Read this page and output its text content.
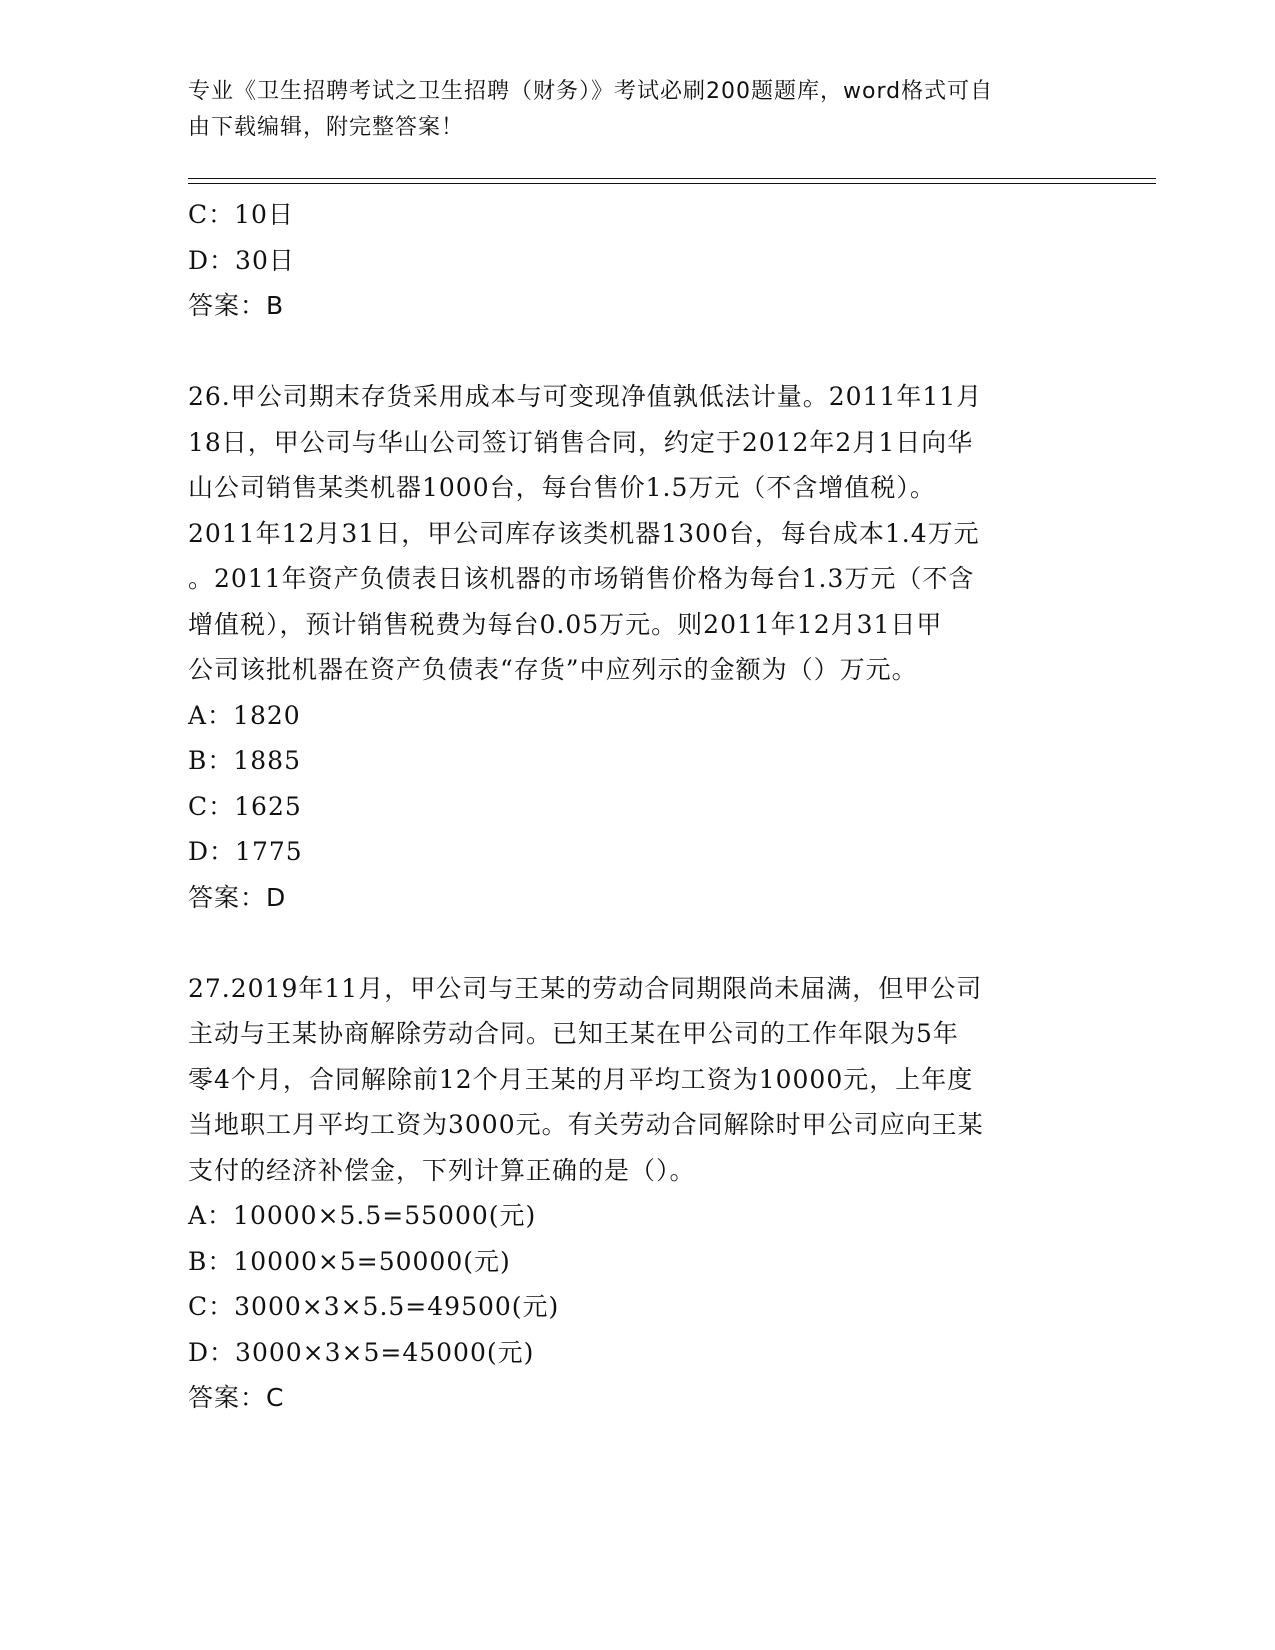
专业《卫生招聘考试之卫生招聘（财务）》考试必刷200题题库，word格式可自
由下载编辑，附完整答案！
C：10日
D：30日
答案：B
26.甲公司期末存货采用成本与可变现净值孰低法计量。2011年11月
18日，甲公司与华山公司签订销售合同，约定于2012年2月1日向华
山公司销售某类机器1000台，每台售价1.5万元（不含增值税）。
2011年12月31日，甲公司库存该类机器1300台，每台成本1.4万元
。2011年资产负债表日该机器的市场销售价格为每台1.3万元（不含
增值税），预计销售税费为每台0.05万元。则2011年12月31日甲
公司该批机器在资产负债表“存货”中应列示的金额为（）万元。
A：1820
B：1885
C：1625
D：1775
答案：D
27.2019年11月，甲公司与王某的劳动合同期限尚未届满，但甲公司
主动与王某协商解除劳动合同。已知王某在甲公司的工作年限为5年
零4个月，合同解除前12个月王某的月平均工资为10000元，上年度
当地职工月平均工资为3000元。有关劳动合同解除时甲公司应向王某
支付的经济补偿金，下列计算正确的是（）。
A：10000×5.5=55000(元)
B：10000×5=50000(元)
C：3000×3×5.5=49500(元)
D：3000×3×5=45000(元)
答案：C
